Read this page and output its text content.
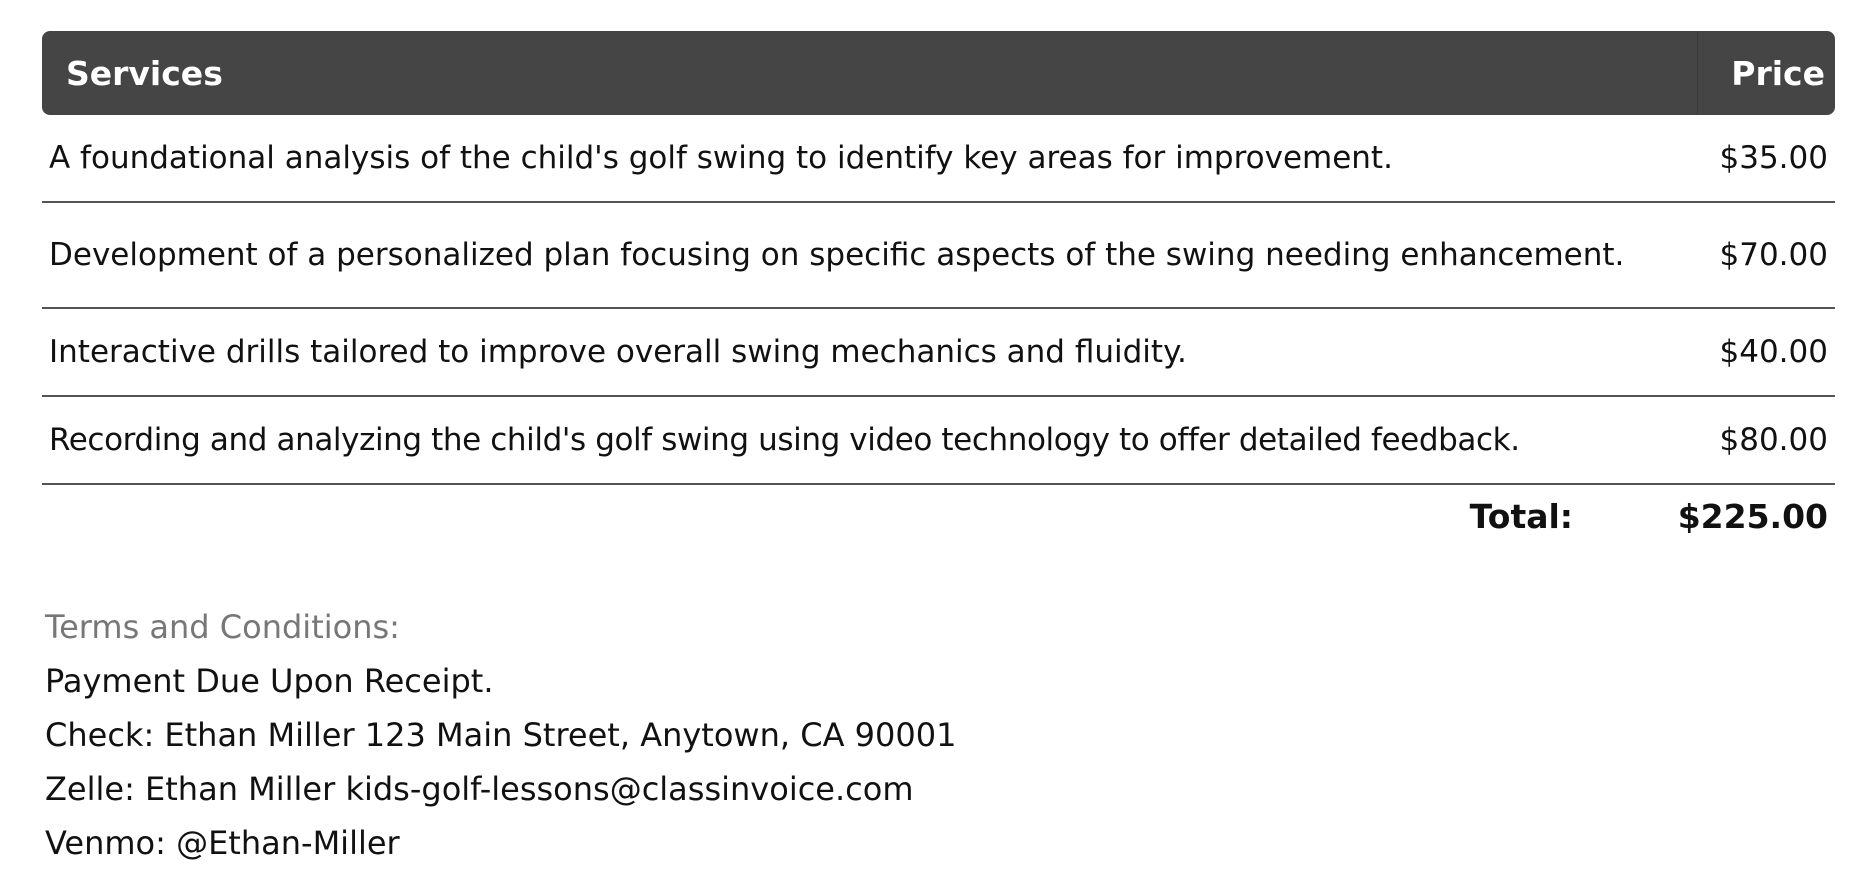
Services	Price
A foundational analysis of the child's golf swing to identify key areas for improvement.	$35.00
Development of a personalized plan focusing on specific aspects of the swing needing enhancement.	$70.00
Interactive drills tailored to improve overall swing mechanics and fluidity.	$40.00
Recording and analyzing the child's golf swing using video technology to offer detailed feedback.	$80.00
Total:	$225.00
Terms and Conditions:
Payment Due Upon Receipt.
Check: Ethan Miller 123 Main Street, Anytown, CA 90001
Zelle: Ethan Miller kids-golf-lessons@classinvoice.com
Venmo: @Ethan-Miller
